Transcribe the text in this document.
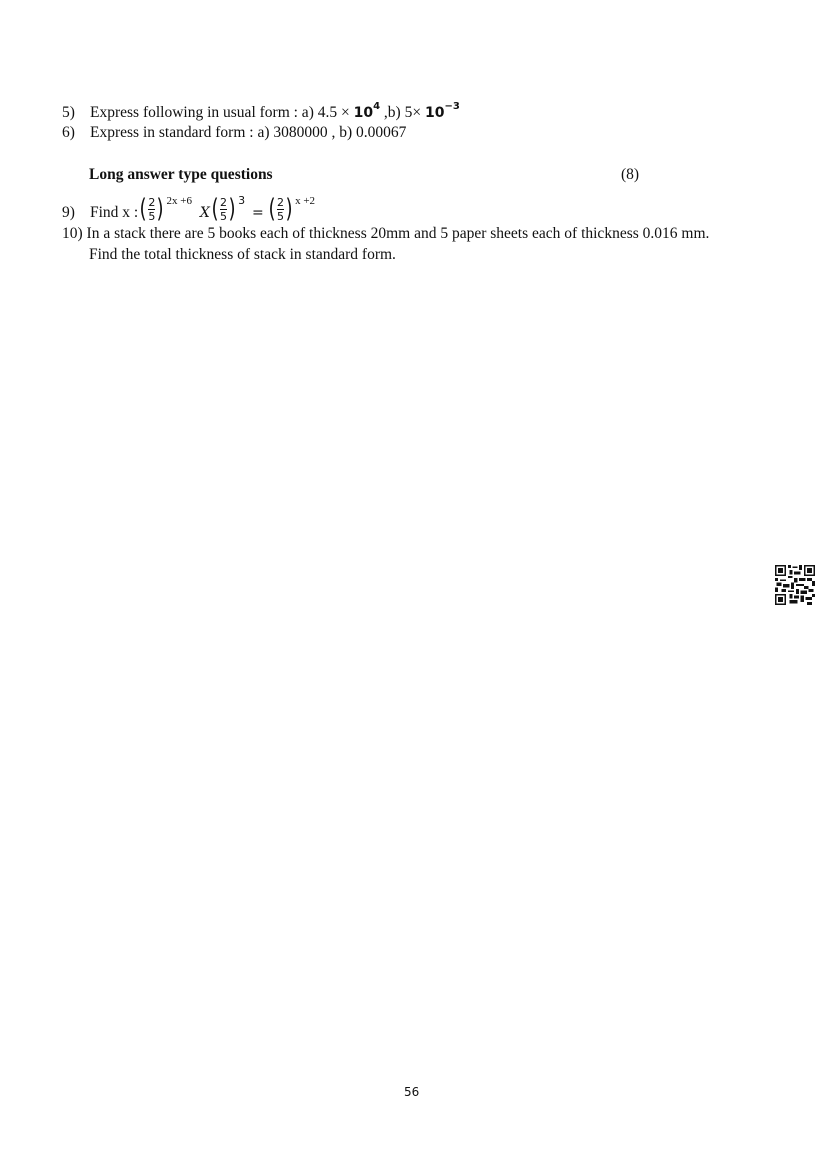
5) Express following in usual form : a) $4.5 \times 10^4$ ,b) $5\times 10^{-3}$
6) Express in standard form : a) 3080000 , b) 0.00067
Long answer type questions	(8)
9) Find x : ( $\frac{2}{5}$ ) $^{2x +6}$ X ( $\frac{2}{5}$ ) $^3$ = ( $\frac{2}{5}$ ) $^{x +2}$
10) In a stack there are 5 books each of thickness 20mm and 5 paper sheets each of thickness 0.016 mm.
Find the total thickness of stack in standard form.
56
